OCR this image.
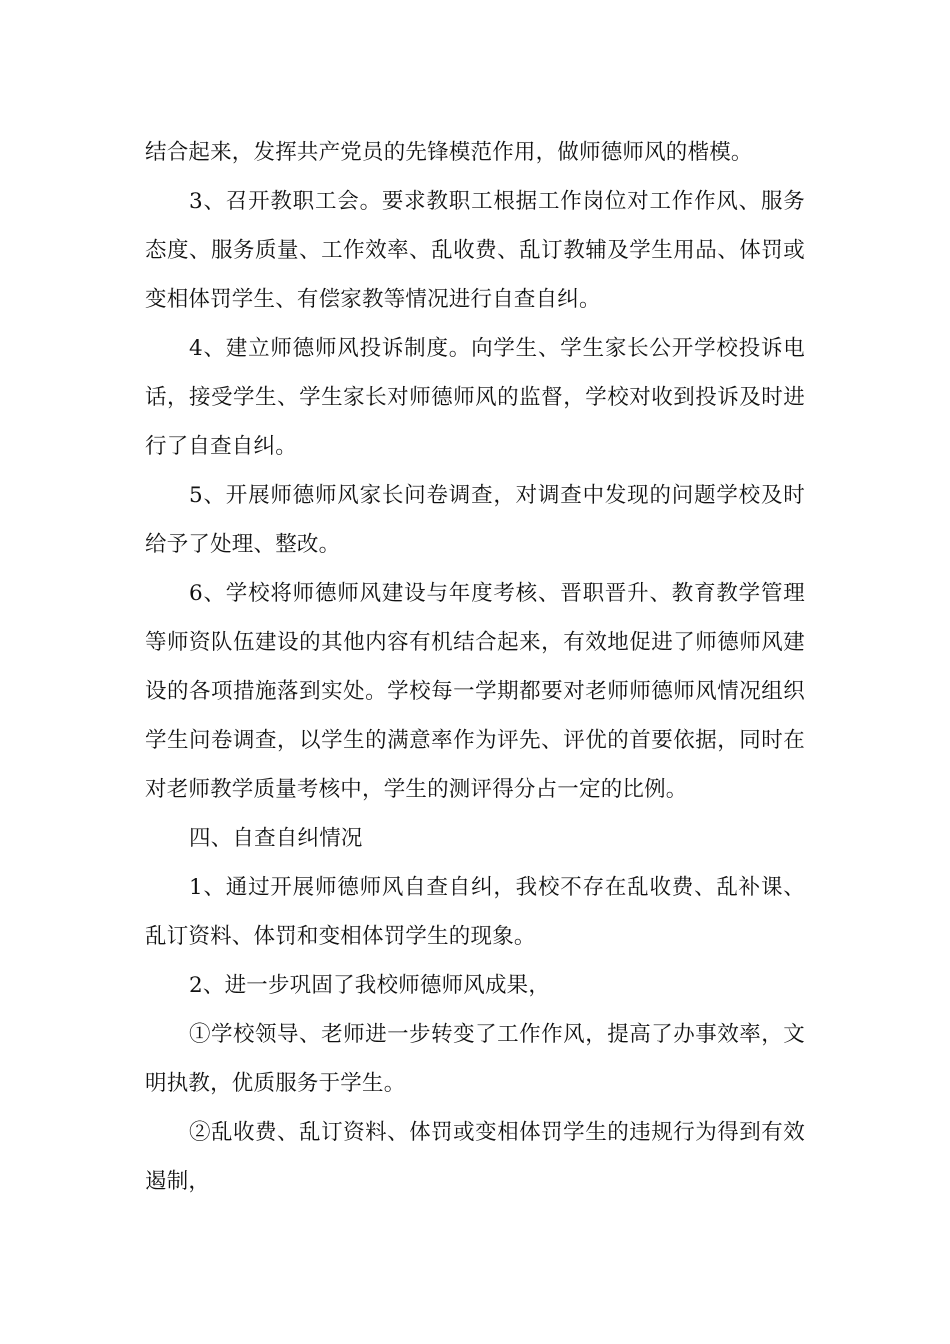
结合起来，发挥共产党员的先锋模范作用，做师德师风的楷模。

3、召开教职工会。要求教职工根据工作岗位对工作作风、服务态度、服务质量、工作效率、乱收费、乱订教辅及学生用品、体罚或变相体罚学生、有偿家教等情况进行自查自纠。

4、建立师德师风投诉制度。向学生、学生家长公开学校投诉电话，接受学生、学生家长对师德师风的监督，学校对收到投诉及时进行了自查自纠。

5、开展师德师风家长问卷调查，对调查中发现的问题学校及时给予了处理、整改。

6、学校将师德师风建设与年度考核、晋职晋升、教育教学管理等师资队伍建设的其他内容有机结合起来，有效地促进了师德师风建设的各项措施落到实处。学校每一学期都要对老师师德师风情况组织学生问卷调查，以学生的满意率作为评先、评优的首要依据，同时在对老师教学质量考核中，学生的测评得分占一定的比例。

四、自查自纠情况

1、通过开展师德师风自查自纠，我校不存在乱收费、乱补课、乱订资料、体罚和变相体罚学生的现象。

2、进一步巩固了我校师德师风成果，

①学校领导、老师进一步转变了工作作风，提高了办事效率，文明执教，优质服务于学生。

②乱收费、乱订资料、体罚或变相体罚学生的违规行为得到有效遏制，
